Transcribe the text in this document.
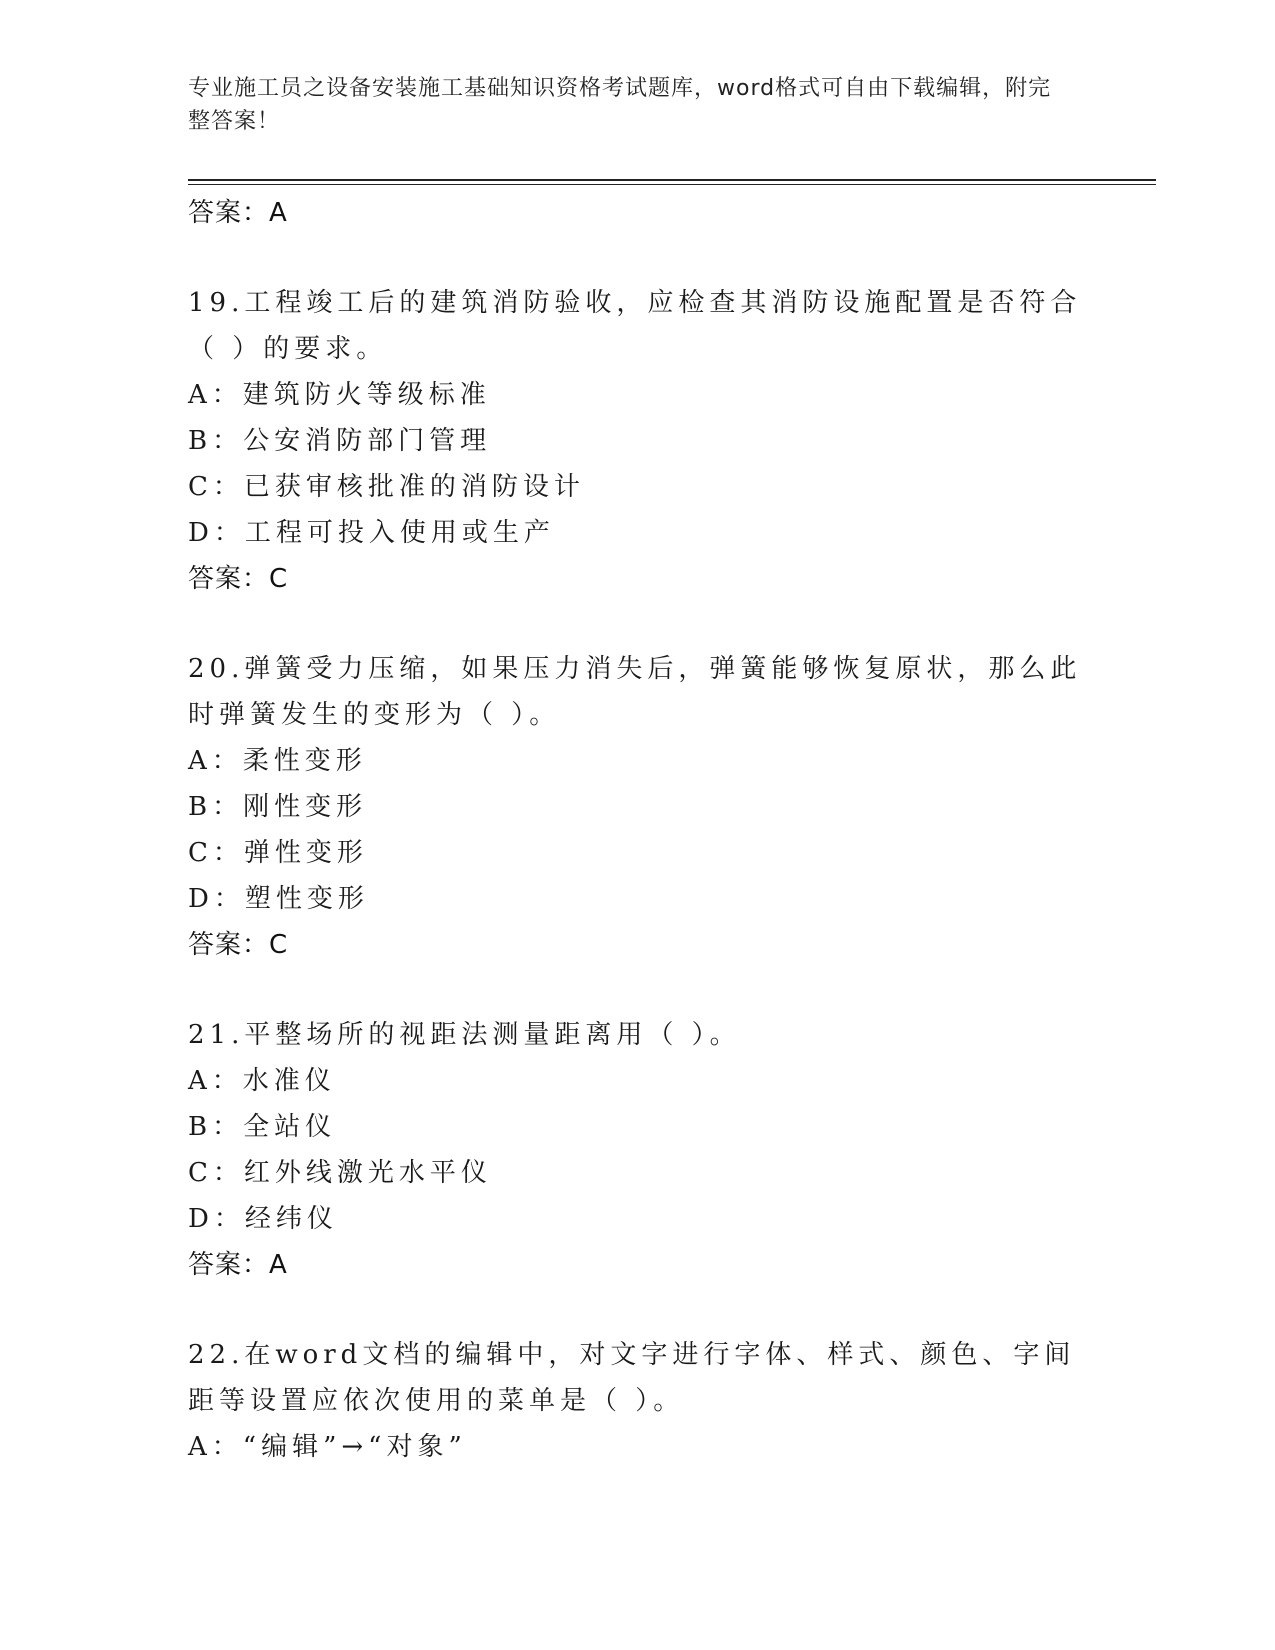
专业施工员之设备安装施工基础知识资格考试题库，word格式可自由下载编辑，附完整答案！
答案：A
19.工程竣工后的建筑消防验收，应检查其消防设施配置是否符合（ ）的要求。
A：建筑防火等级标准
B：公安消防部门管理
C：已获审核批准的消防设计
D：工程可投入使用或生产
答案：C
20.弹簧受力压缩，如果压力消失后，弹簧能够恢复原状，那么此时弹簧发生的变形为（ ）。
A：柔性变形
B：刚性变形
C：弹性变形
D：塑性变形
答案：C
21.平整场所的视距法测量距离用（ ）。
A：水准仪
B：全站仪
C：红外线激光水平仪
D：经纬仪
答案：A
22.在word文档的编辑中，对文字进行字体、样式、颜色、字间距等设置应依次使用的菜单是（ ）。
A：“编辑”→“对象”
